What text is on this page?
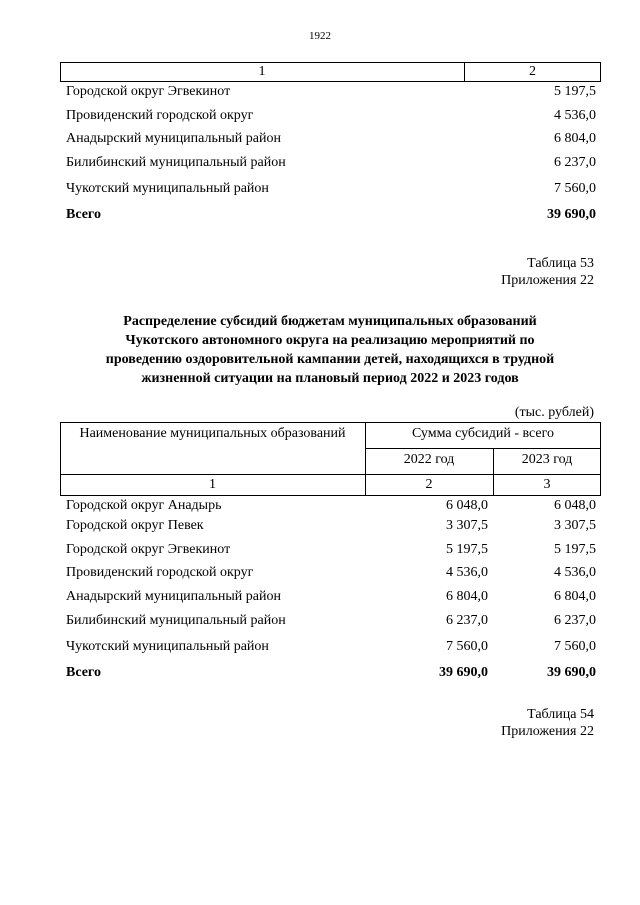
1922
1	2
Городской округ Эгвекинот	5 197,5
Провиденский городской округ	4 536,0
Анадырский муниципальный район	6 804,0
Билибинский муниципальный район	6 237,0
Чукотский муниципальный район	7 560,0
Всего	39 690,0
Таблица 53
Приложения 22
Распределение субсидий бюджетам муниципальных образований
Чукотского автономного округа на реализацию мероприятий по
проведению оздоровительной кампании детей, находящихся в трудной
жизненной ситуации на плановый период 2022 и 2023 годов
(тыс. рублей)
Наименование муниципальных образований	Сумма субсидий - всего
2022 год	2023 год
1	2	3
Городской округ Анадырь	6 048,0	6 048,0
Городской округ Певек	3 307,5	3 307,5
Городской округ Эгвекинот	5 197,5	5 197,5
Провиденский городской округ	4 536,0	4 536,0
Анадырский муниципальный район	6 804,0	6 804,0
Билибинский муниципальный район	6 237,0	6 237,0
Чукотский муниципальный район	7 560,0	7 560,0
Всего	39 690,0	39 690,0
Таблица 54
Приложения 22
